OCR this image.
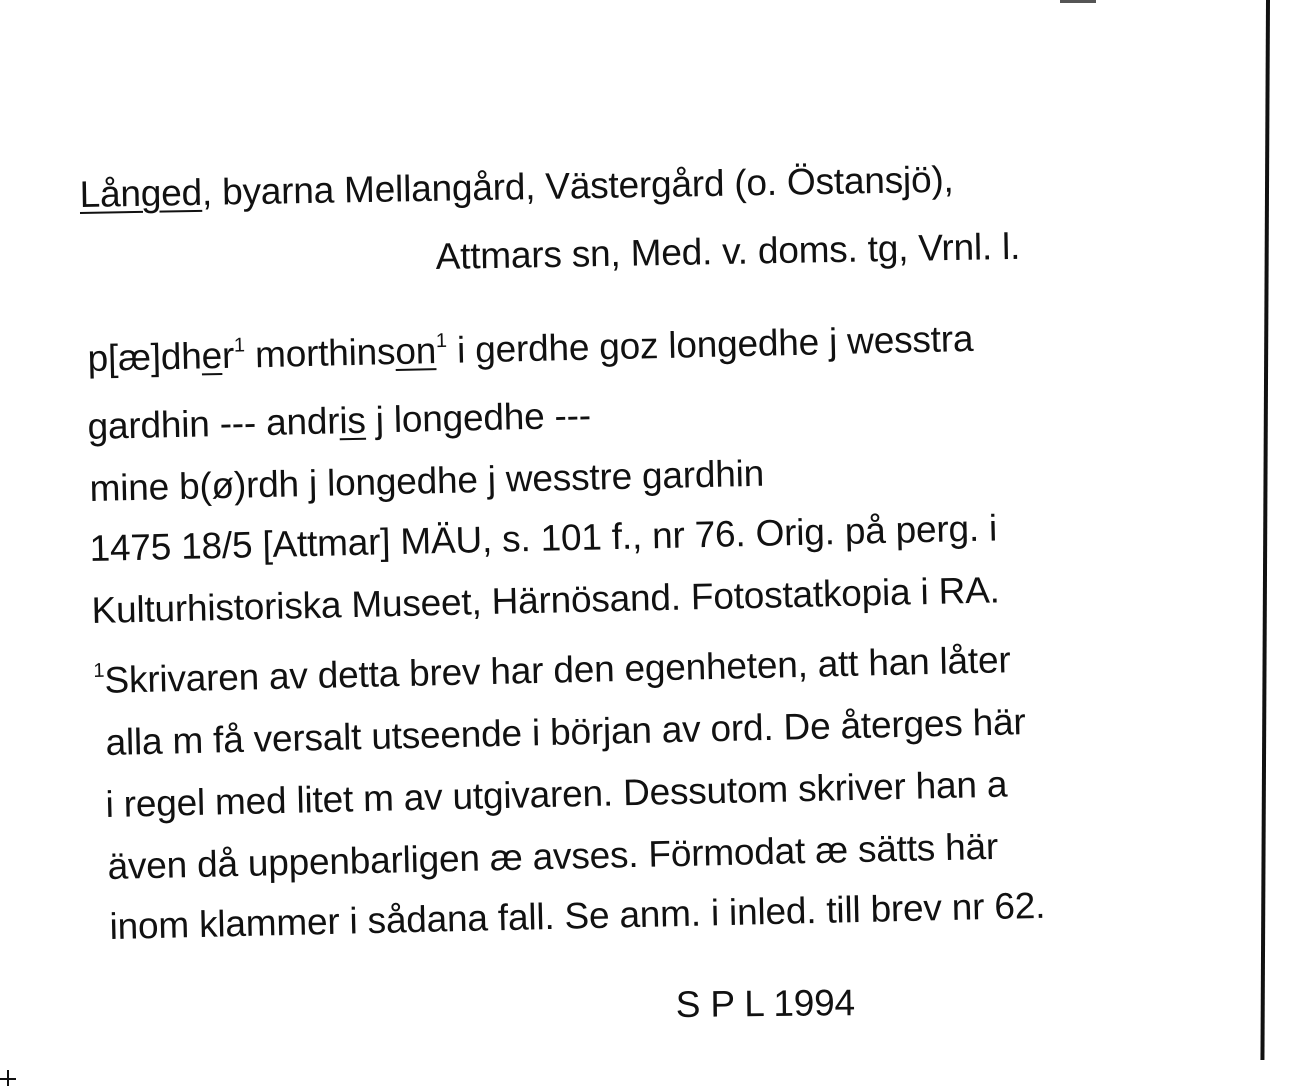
Långed, byarna Mellangård, Västergård (o. Östansjö),
Attmars sn, Med. v. doms. tg, Vrnl. l.
p[æ]dher$^1$ morthinson$^1$ i gerdhe goz longedhe j wesstra
gardhin --- andris j longedhe ---
mine b(ø)rdh j longedhe j wesstre gardhin
1475 18/5 [Attmar] MÄU, s. 101 f., nr 76. Orig. på perg. i
Kulturhistoriska Museet, Härnösand. Fotostatkopia i RA.
$^1$Skrivaren av detta brev har den egenheten, att han låter
alla m få versalt utseende i början av ord. De återges här
i regel med litet m av utgivaren. Dessutom skriver han a
även då uppenbarligen æ avses. Förmodat æ sätts här
inom klammer i sådana fall. Se anm. i inled. till brev nr 62.
S P L 1994
